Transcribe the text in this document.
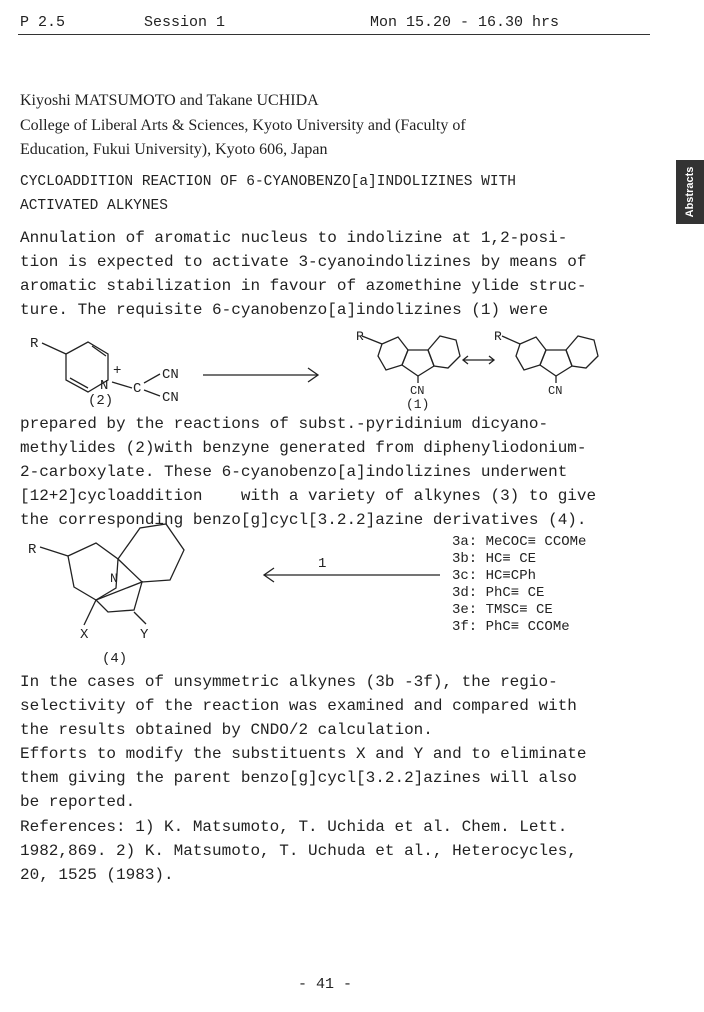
P 2.5	Session 1	Mon 15.20 - 16.30 hrs
Abstracts
Kiyoshi MATSUMOTO and Takane UCHIDA
College of Liberal Arts & Sciences, Kyoto University and (Faculty of
Education, Fukui University), Kyoto 606, Japan
CYCLOADDITION REACTION OF 6-CYANOBENZO[a]INDOLIZINES WITH
ACTIVATED ALKYNES
Annulation of aromatic nucleus to indolizine at 1,2-posi-
tion is expected to activate 3-cyanoindolizines by means of
aromatic stabilization in favour of azomethine ylide struc-
ture. The requisite 6-cyanobenzo[a]indolizines (1) were
R
N
+
C
CN
CN
(2)
R	R
CN	CN
(1)
R
N
X	Y
(4)
1
prepared by the reactions of subst.-pyridinium dicyano-
methylides (2)with benzyne generated from diphenyliodonium-
2-carboxylate. These 6-cyanobenzo[a]indolizines underwent
[12+2]cycloaddition    with a variety of alkynes (3) to give
the corresponding benzo[g]cycl[3.2.2]azine derivatives (4).
3a: MeCOC≡ CCOMe
3b: HC≡ CE
3c: HC≡CPh
3d: PhC≡ CE
3e: TMSC≡ CE
3f: PhC≡ CCOMe
In the cases of unsymmetric alkynes (3b -3f), the regio-
selectivity of the reaction was examined and compared with
the results obtained by CNDO/2 calculation.
Efforts to modify the substituents X and Y and to eliminate
them giving the parent benzo[g]cycl[3.2.2]azines will also
be reported.
References: 1) K. Matsumoto, T. Uchida et al. Chem. Lett.
1982,869. 2) K. Matsumoto, T. Uchuda et al., Heterocycles,
20, 1525 (1983).
- 41 -
